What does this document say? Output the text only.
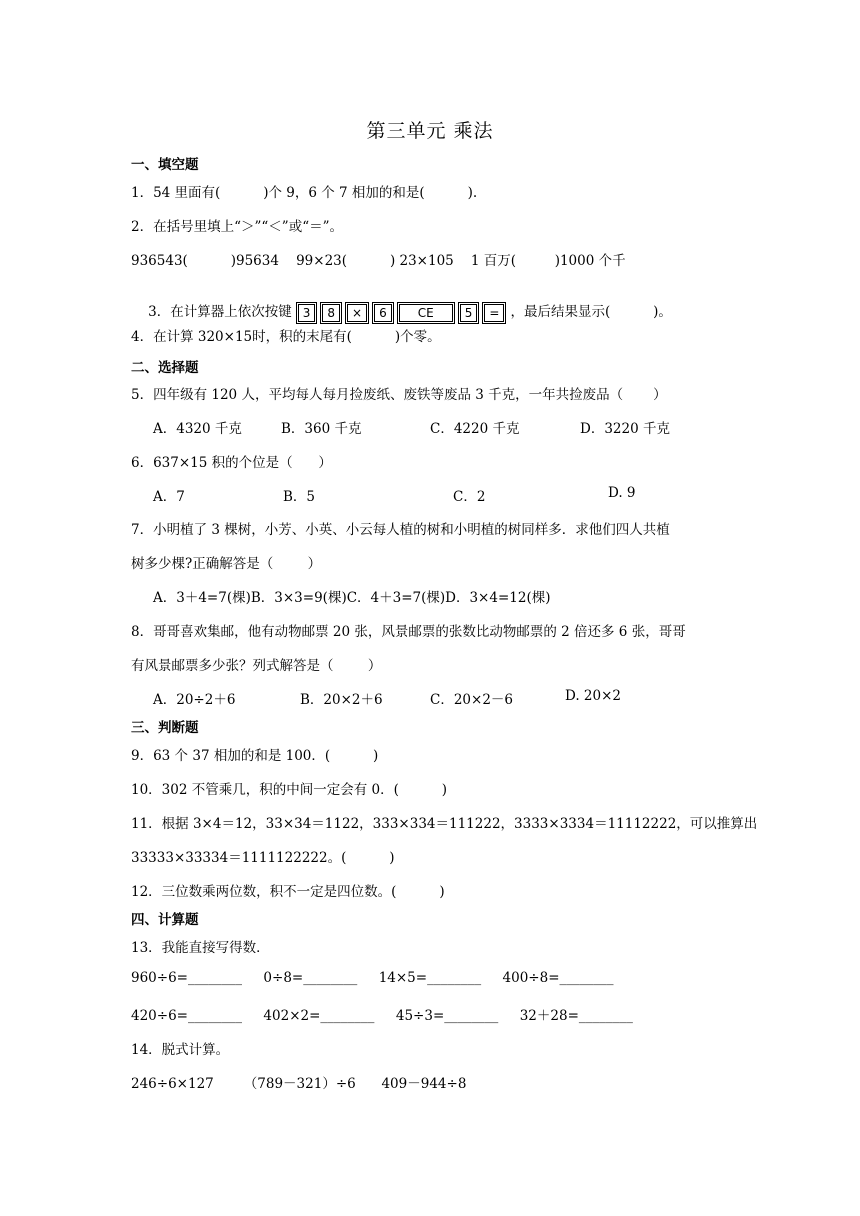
第三单元 乘法
一、填空题
1．54 里面有(          )个 9，6 个 7 相加的和是(          ).
2．在括号里填上“＞”“＜”或“＝”。
936543(          )95634    99×23(          ) 23×105    1 百万(         )1000 个千

3．在计算器上依次按键 3	8	×	6	CE	5	= ，最后结果显示(          )。

4．在计算 320×15时，积的末尾有(          )个零。
二、选择题
5．四年级有 120 人，平均每人每月捡废纸、废铁等废品 3 千克，一年共捡废品（       ）
A．4320 千克	B．360 千克	C．4220 千克	D．3220 千克
6．637×15 积的个位是（      ）
A．7	B．5	C．2	D. 9
7．小明植了 3 棵树，小芳、小英、小云每人植的树和小明植的树同样多．求他们四人共植
树多少棵?正确解答是（        ）
A．3＋4=7(棵)B．3×3=9(棵)C．4＋3=7(棵)D．3×4=12(棵)
8．哥哥喜欢集邮，他有动物邮票 20 张，风景邮票的张数比动物邮票的 2 倍还多 6 张，哥哥
有风景邮票多少张？列式解答是（        ）
A．20÷2＋6	B．20×2＋6	C．20×2－6	D. 20×2
三、判断题
9．63 个 37 相加的和是 100．(          )
10．302 不管乘几，积的中间一定会有 0．(          )
11．根据 3×4＝12，33×34＝1122，333×334＝111222，3333×3334＝11112222，可以推算出
33333×33334＝1111122222。(          )
12．三位数乘两位数，积不一定是四位数。(          )
四、计算题
13．我能直接写得数．
960÷6=________     0÷8=________     14×5=________     400÷8=________
420÷6=________     402×2=________     45÷3=________     32＋28=________
14．脱式计算。
246÷6×127       （789－321）÷6      409－944÷8
